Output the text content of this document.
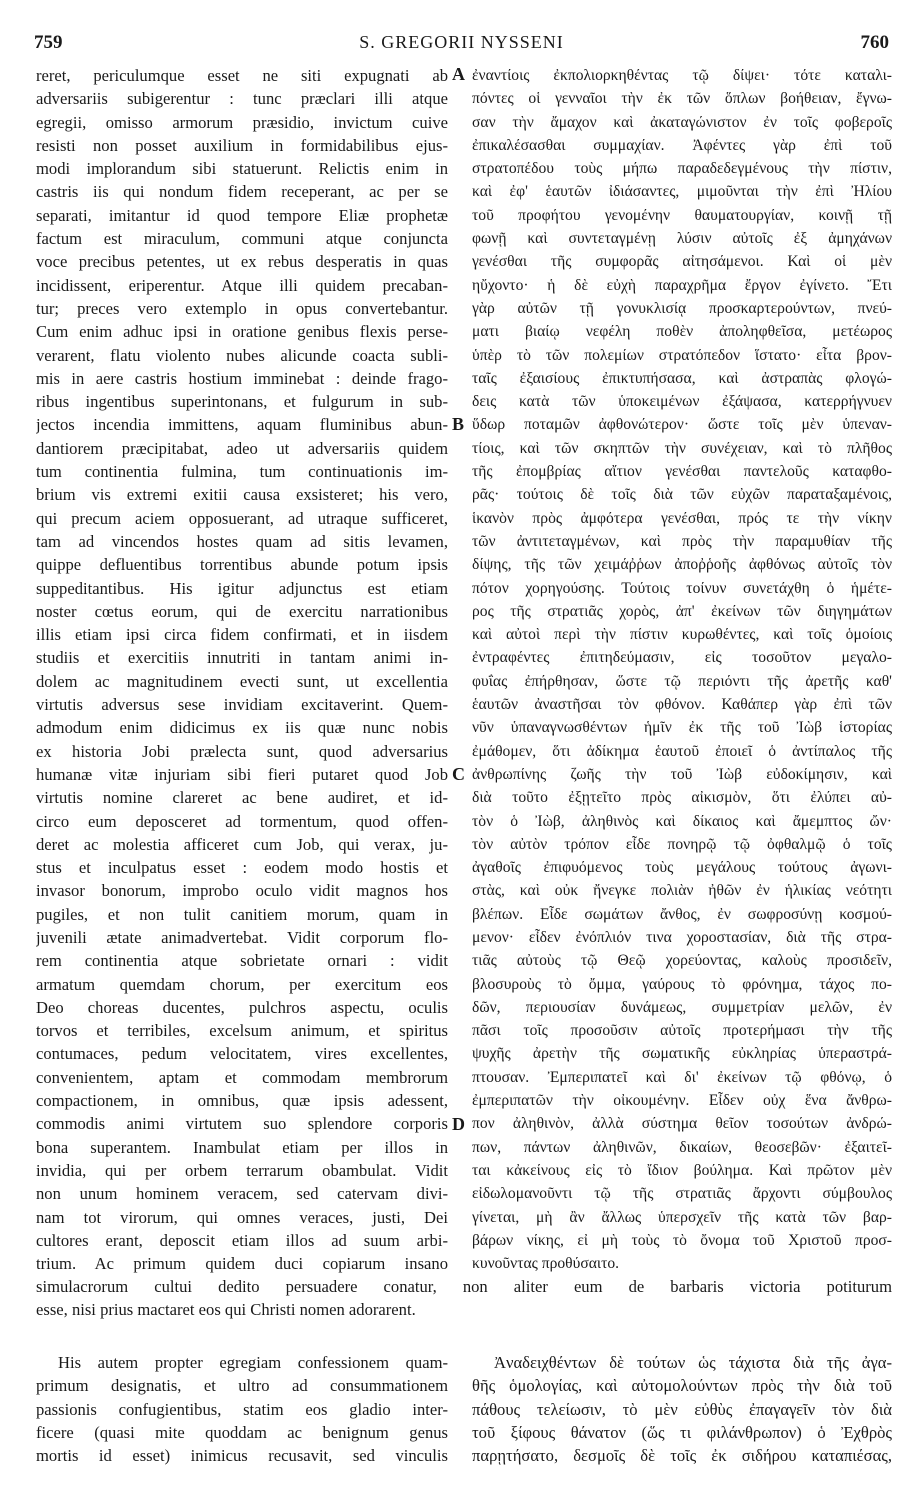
759	S. GREGORII NYSSENI	760
reret, periculumque esset ne siti expugnati ab
adversariis subigerentur : tunc præclari illi atque
egregii, omisso armorum præsidio, invictum cuive
resisti non posset auxilium in formidabilibus ejus-
modi implorandum sibi statuerunt. Relictis enim in
castris iis qui nondum fidem receperant, ac per se
separati, imitantur id quod tempore Eliæ prophetæ
factum est miraculum, communi atque conjuncta
voce precibus petentes, ut ex rebus desperatis in quas
incidissent, eriperentur. Atque illi quidem precaban-
tur; preces vero extemplo in opus convertebantur.
Cum enim adhuc ipsi in oratione genibus flexis perse-
verarent, flatu violento nubes alicunde coacta subli-
mis in aere castris hostium imminebat : deinde frago-
ribus ingentibus superintonans, et fulgurum in sub-
jectos incendia immittens, aquam fluminibus abun-
dantiorem præcipitabat, adeo ut adversariis quidem
tum continentia fulmina, tum continuationis im-
brium vis extremi exitii causa exsisteret; his vero,
qui precum aciem opposuerant, ad utraque sufficeret,
tam ad vincendos hostes quam ad sitis levamen,
quippe defluentibus torrentibus abunde potum ipsis
suppeditantibus. His igitur adjunctus est etiam
noster cœtus eorum, qui de exercitu narrationibus
illis etiam ipsi circa fidem confirmati, et in iisdem
studiis et exercitiis innutriti in tantam animi in-
dolem ac magnitudinem evecti sunt, ut excellentia
virtutis adversus sese invidiam excitaverint. Quem-
admodum enim didicimus ex iis quæ nunc nobis
ex historia Jobi prælecta sunt, quod adversarius
humanæ vitæ injuriam sibi fieri putaret quod Job
virtutis nomine clareret ac bene audiret, et id-
circo eum deposceret ad tormentum, quod offen-
deret ac molestia afficeret cum Job, qui verax, ju-
stus et inculpatus esset : eodem modo hostis et
invasor bonorum, improbo oculo vidit magnos hos
pugiles, et non tulit canitiem morum, quam in
juvenili ætate animadvertebat. Vidit corporum flo-
rem continentia atque sobrietate ornari : vidit
armatum quemdam chorum, per exercitum eos
Deo choreas ducentes, pulchros aspectu, oculis
torvos et terribiles, excelsum animum, et spiritus
contumaces, pedum velocitatem, vires excellentes,
convenientem, aptam et commodam membrorum
compactionem, in omnibus, quæ ipsis adessent,
commodis animi virtutem suo splendore corporis
bona superantem. Inambulat etiam per illos in
invidia, qui per orbem terrarum obambulat. Vidit
non unum hominem veracem, sed catervam divi-
nam tot virorum, qui omnes veraces, justi, Dei
cultores erant, deposcit etiam illos ad suum arbi-
trium. Ac primum quidem duci copiarum insano
ἐναντίοις ἐκπολιορκηθέντας τῷ δίψει· τότε καταλι-
πόντες οἱ γενναῖοι τὴν ἐκ τῶν ὅπλων βοήθειαν, ἔγνω-
σαν τὴν ἄμαχον καὶ ἀκαταγώνιστον ἐν τοῖς φοβεροῖς
ἐπικαλέσασθαι συμμαχίαν. Ἀφέντες γὰρ ἐπὶ τοῦ
στρατοπέδου τοὺς μήπω παραδεδεγμένους τὴν πίστιν,
καὶ ἐφ' ἑαυτῶν ἰδιάσαντες, μιμοῦνται τὴν ἐπὶ Ἠλίου
τοῦ προφήτου γενομένην θαυματουργίαν, κοινῇ τῇ
φωνῇ καὶ συντεταγμένῃ λύσιν αὐτοῖς ἐξ ἀμηχάνων
γενέσθαι τῆς συμφορᾶς αἰτησάμενοι. Καὶ οἱ μὲν
ηὔχοντο· ἡ δὲ εὐχὴ παραχρῆμα ἔργον ἐγίνετο. Ἔτι
γὰρ αὐτῶν τῇ γονυκλισίᾳ προσκαρτερούντων, πνεύ-
ματι βιαίῳ νεφέλη ποθὲν ἀποληφθεῖσα, μετέωρος
ὑπὲρ τὸ τῶν πολεμίων στρατόπεδον ἵστατο· εἶτα βρον-
ταῖς ἐξαισίους ἐπικτυπήσασα, καὶ ἀστραπὰς φλογώ-
δεις κατὰ τῶν ὑποκειμένων ἐξάψασα, κατερρήγνυεν
ὕδωρ ποταμῶν ἀφθονώτερον· ὥστε τοῖς μὲν ὑπεναν-
τίοις, καὶ τῶν σκηπτῶν τὴν συνέχειαν, καὶ τὸ πλῆθος
τῆς ἐπομβρίας αἴτιον γενέσθαι παντελοῦς καταφθο-
ρᾶς· τούτοις δὲ τοῖς διὰ τῶν εὐχῶν παραταξαμένοις,
ἱκανὸν πρὸς ἀμφότερα γενέσθαι, πρός τε τὴν νίκην
τῶν ἀντιτεταγμένων, καὶ πρὸς τὴν παραμυθίαν τῆς
δίψης, τῆς τῶν χειμάῤῥων ἀποῤῥοῆς ἀφθόνως αὐτοῖς τὸν
πότον χορηγούσης. Τούτοις τοίνυν συνετάχθη ὁ ἡμέτε-
ρος τῆς στρατιᾶς χορὸς, ἀπ' ἐκείνων τῶν διηγημάτων
καὶ αὐτοὶ περὶ τὴν πίστιν κυρωθέντες, καὶ τοῖς ὁμοίοις
ἐντραφέντες ἐπιτηδεύμασιν, εἰς τοσοῦτον μεγαλο-
φυΐας ἐπήρθησαν, ὥστε τῷ περιόντι τῆς ἀρετῆς καθ'
ἑαυτῶν ἀναστῆσαι τὸν φθόνον. Καθάπερ γὰρ ἐπὶ τῶν
νῦν ὑπαναγνωσθέντων ἡμῖν ἐκ τῆς τοῦ Ἰὼβ ἱστορίας
ἐμάθομεν, ὅτι ἀδίκημα ἑαυτοῦ ἐποιεῖ ὁ ἀντίπαλος τῆς
ἀνθρωπίνης ζωῆς τὴν τοῦ Ἰὼβ εὐδοκίμησιν, καὶ
διὰ τοῦτο ἐξῃτεῖτο πρὸς αἰκισμὸν, ὅτι ἐλύπει αὐ-
τὸν ὁ Ἰὼβ, ἀληθινὸς καὶ δίκαιος καὶ ἄμεμπτος ὤν·
τὸν αὐτὸν τρόπον εἶδε πονηρῷ τῷ ὀφθαλμῷ ὁ τοῖς
ἀγαθοῖς ἐπιφυόμενος τοὺς μεγάλους τούτους ἀγωνι-
στὰς, καὶ οὐκ ἤνεγκε πολιὰν ἠθῶν ἐν ἡλικίας νεότητι
βλέπων. Εἶδε σωμάτων ἄνθος, ἐν σωφροσύνῃ κοσμού-
μενον· εἶδεν ἐνόπλιόν τινα χοροστασίαν, διὰ τῆς στρα-
τιᾶς αὐτοὺς τῷ Θεῷ χορεύοντας, καλοὺς προσιδεῖν,
βλοσυροὺς τὸ ὄμμα, γαύρους τὸ φρόνημα, τάχος πο-
δῶν, περιουσίαν δυνάμεως, συμμετρίαν μελῶν, ἐν
πᾶσι τοῖς προσοῦσιν αὐτοῖς προτερήμασι τὴν τῆς
ψυχῆς ἀρετὴν τῆς σωματικῆς εὐκληρίας ὑπεραστρά-
πτουσαν. Ἐμπεριπατεῖ καὶ δι' ἐκείνων τῷ φθόνῳ, ὁ
ἐμπεριπατῶν τὴν οἰκουμένην. Εἶδεν οὐχ ἕνα ἄνθρω-
πον ἀληθινὸν, ἀλλὰ σύστημα θεῖον τοσούτων ἀνδρώ-
πων, πάντων ἀληθινῶν, δικαίων, θεοσεβῶν· ἐξαιτεῖ-
ται κἀκείνους εἰς τὸ ἴδιον βούλημα. Καὶ πρῶτον μὲν
εἰδωλομανοῦντι τῷ τῆς στρατιᾶς ἄρχοντι σύμβουλος
γίνεται, μὴ ἂν ἄλλως ὑπερσχεῖν τῆς κατὰ τῶν βαρ-
βάρων νίκης, εἰ μὴ τοὺς τὸ ὄνομα τοῦ Χριστοῦ προσ-
κυνοῦντας προθύσαιτο.
A
B
C
D
simulacrorum cultui dedito persuadere conatur, non aliter eum de barbaris victoria potiturum
esse, nisi prius mactaret eos qui Christi nomen adorarent.
His autem propter egregiam confessionem quam-
primum designatis, et ultro ad consummationem
passionis confugientibus, statim eos gladio inter-
ficere (quasi mite quoddam ac benignum genus
mortis id esset) inimicus recusavit, sed vinculis
Ἀναδειχθέντων δὲ τούτων ὡς τάχιστα διὰ τῆς ἀγα-
θῆς ὁμολογίας, καὶ αὐτομολούντων πρὸς τὴν διὰ τοῦ
πάθους τελείωσιν, τὸ μὲν εὐθὺς ἐπαγαγεῖν τὸν διὰ
τοῦ ξίφους θάνατον (ὥς τι φιλάνθρωπον) ὁ Ἐχθρὸς
παρῃτήσατο, δεσμοῖς δὲ τοῖς ἐκ σιδήρου καταπιέσας,
